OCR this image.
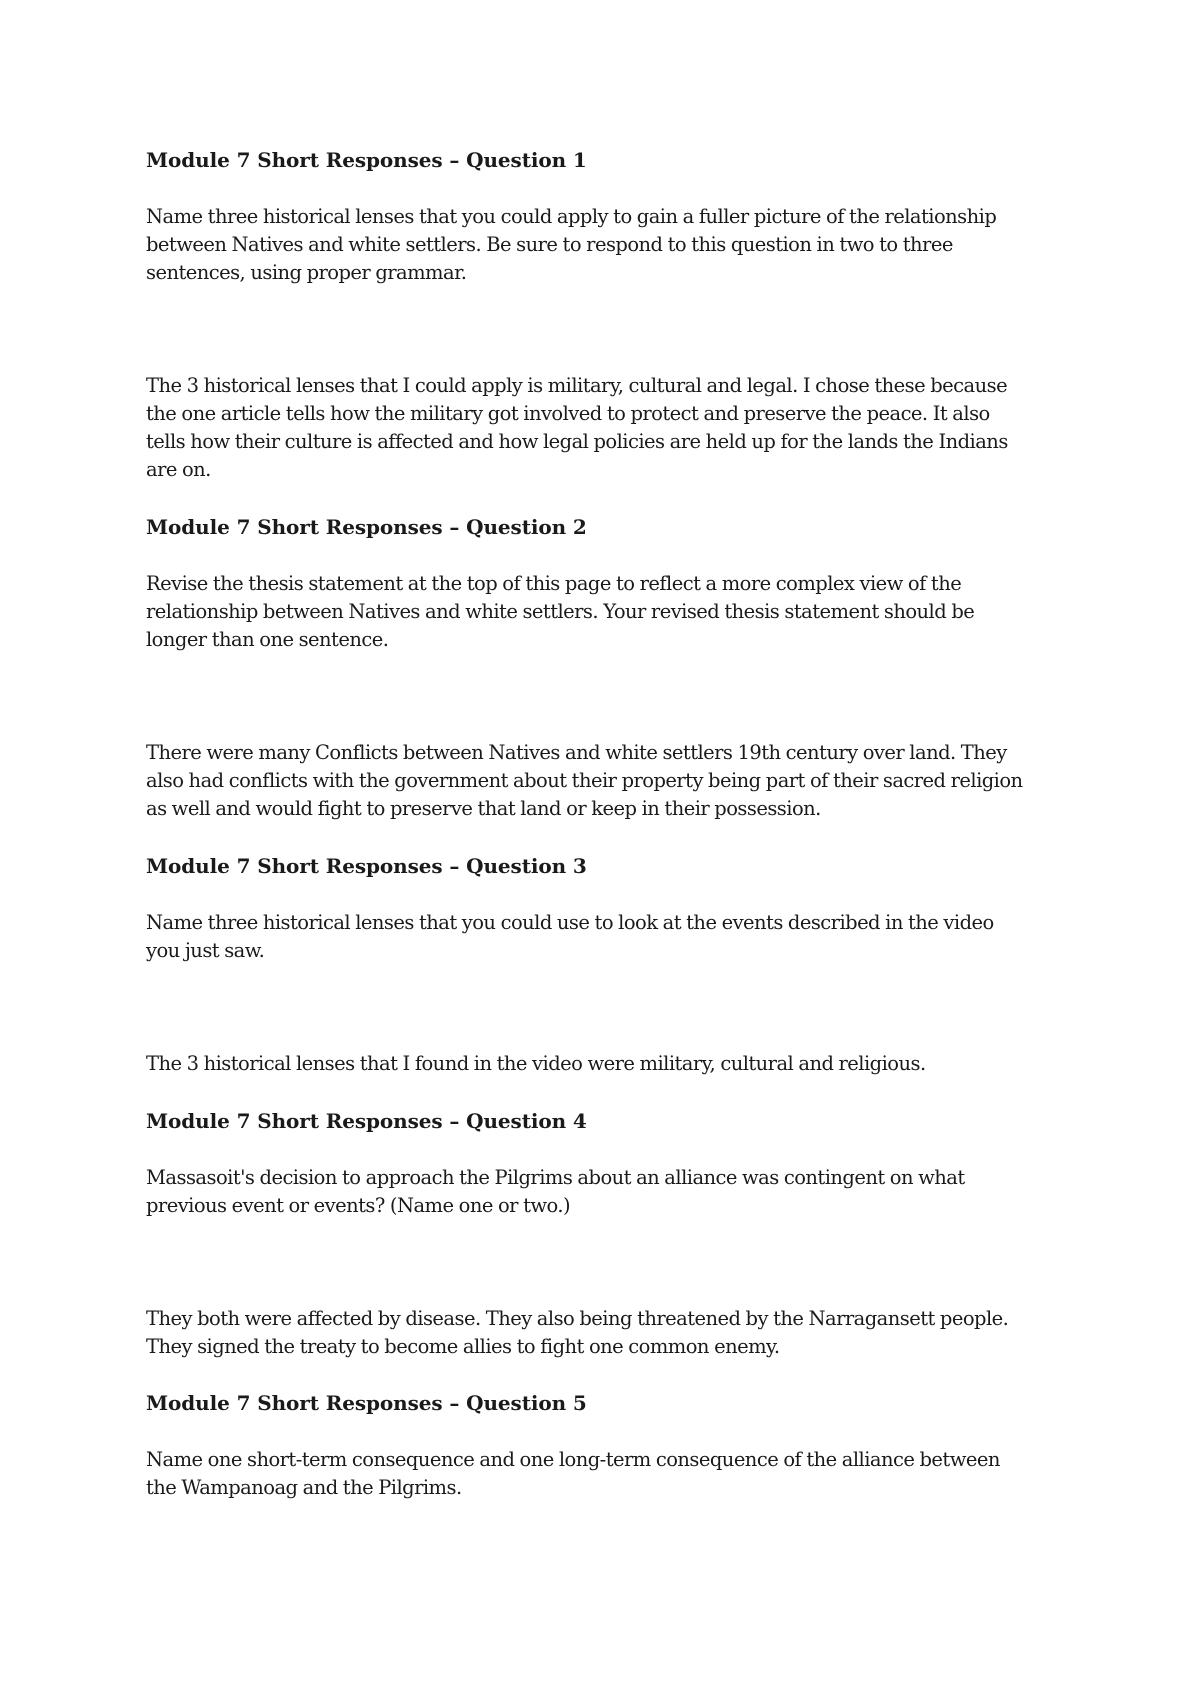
Module 7 Short Responses – Question 1
Name three historical lenses that you could apply to gain a fuller picture of the relationship
between Natives and white settlers. Be sure to respond to this question in two to three
sentences, using proper grammar.
The 3 historical lenses that I could apply is military, cultural and legal. I chose these because
the one article tells how the military got involved to protect and preserve the peace. It also
tells how their culture is affected and how legal policies are held up for the lands the Indians
are on.
Module 7 Short Responses – Question 2
Revise the thesis statement at the top of this page to reflect a more complex view of the
relationship between Natives and white settlers. Your revised thesis statement should be
longer than one sentence.
There were many Conflicts between Natives and white settlers 19th century over land. They
also had conflicts with the government about their property being part of their sacred religion
as well and would fight to preserve that land or keep in their possession.
Module 7 Short Responses – Question 3
Name three historical lenses that you could use to look at the events described in the video
you just saw.
The 3 historical lenses that I found in the video were military, cultural and religious.
Module 7 Short Responses – Question 4
Massasoit's decision to approach the Pilgrims about an alliance was contingent on what
previous event or events? (Name one or two.)
They both were affected by disease. They also being threatened by the Narragansett people.
They signed the treaty to become allies to fight one common enemy.
Module 7 Short Responses – Question 5
Name one short-term consequence and one long-term consequence of the alliance between
the Wampanoag and the Pilgrims.
